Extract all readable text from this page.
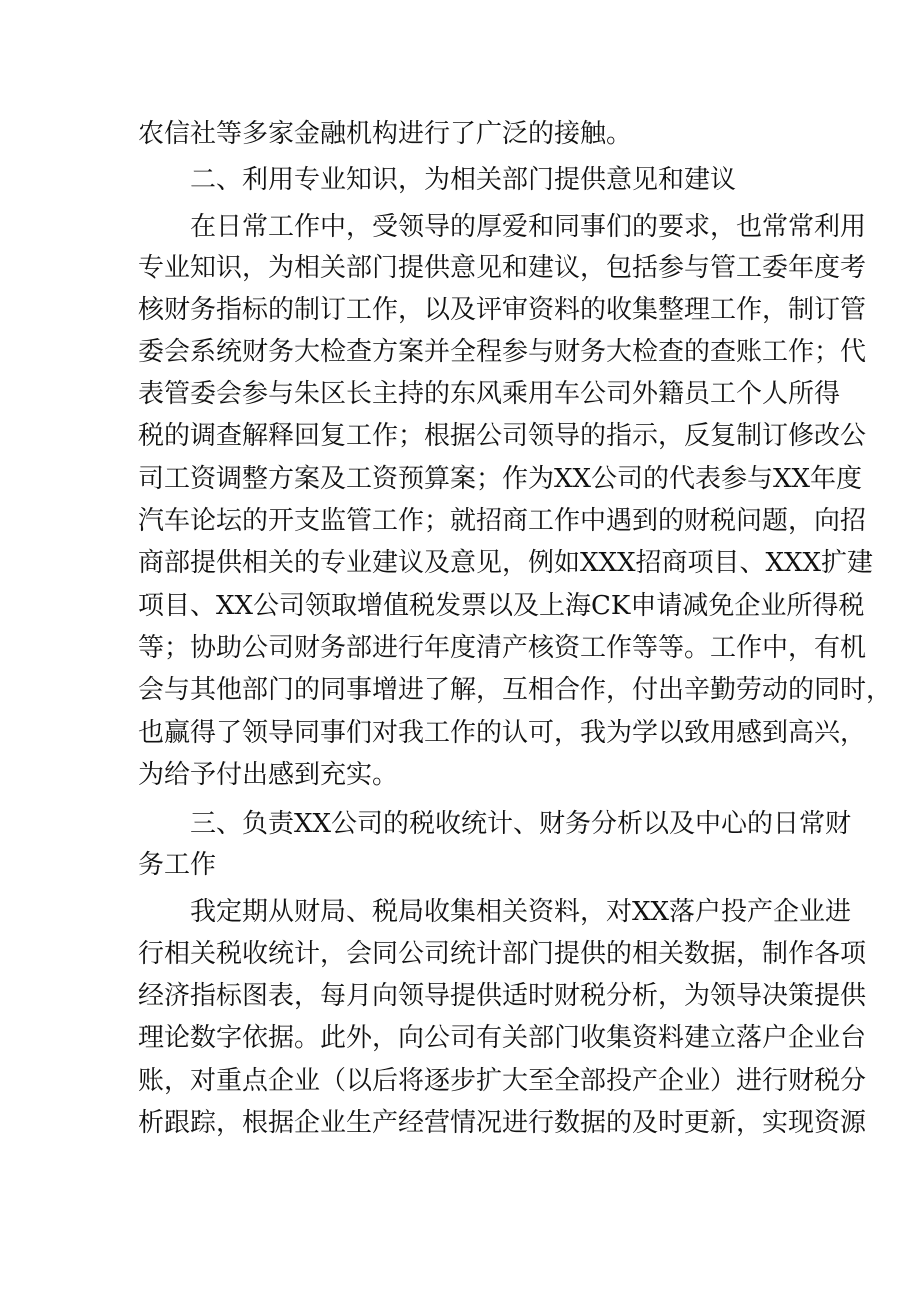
农信社等多家金融机构进行了广泛的接触。
二、利用专业知识，为相关部门提供意见和建议
在日常工作中，受领导的厚爱和同事们的要求，也常常利用
专业知识，为相关部门提供意见和建议，包括参与管工委年度考
核财务指标的制订工作，以及评审资料的收集整理工作，制订管
委会系统财务大检查方案并全程参与财务大检查的查账工作；代
表管委会参与朱区长主持的东风乘用车公司外籍员工个人所得
税的调查解释回复工作；根据公司领导的指示，反复制订修改公
司工资调整方案及工资预算案；作为XX公司的代表参与XX年度
汽车论坛的开支监管工作；就招商工作中遇到的财税问题，向招
商部提供相关的专业建议及意见，例如XXX招商项目、XXX扩建
项目、XX公司领取增值税发票以及上海CK申请减免企业所得税
等；协助公司财务部进行年度清产核资工作等等。工作中，有机
会与其他部门的同事增进了解，互相合作，付出辛勤劳动的同时，
也赢得了领导同事们对我工作的认可，我为学以致用感到高兴，
为给予付出感到充实。
三、负责XX公司的税收统计、财务分析以及中心的日常财
务工作
我定期从财局、税局收集相关资料，对XX落户投产企业进
行相关税收统计，会同公司统计部门提供的相关数据，制作各项
经济指标图表，每月向领导提供适时财税分析，为领导决策提供
理论数字依据。此外，向公司有关部门收集资料建立落户企业台
账，对重点企业（以后将逐步扩大至全部投产企业）进行财税分
析跟踪，根据企业生产经营情况进行数据的及时更新，实现资源
